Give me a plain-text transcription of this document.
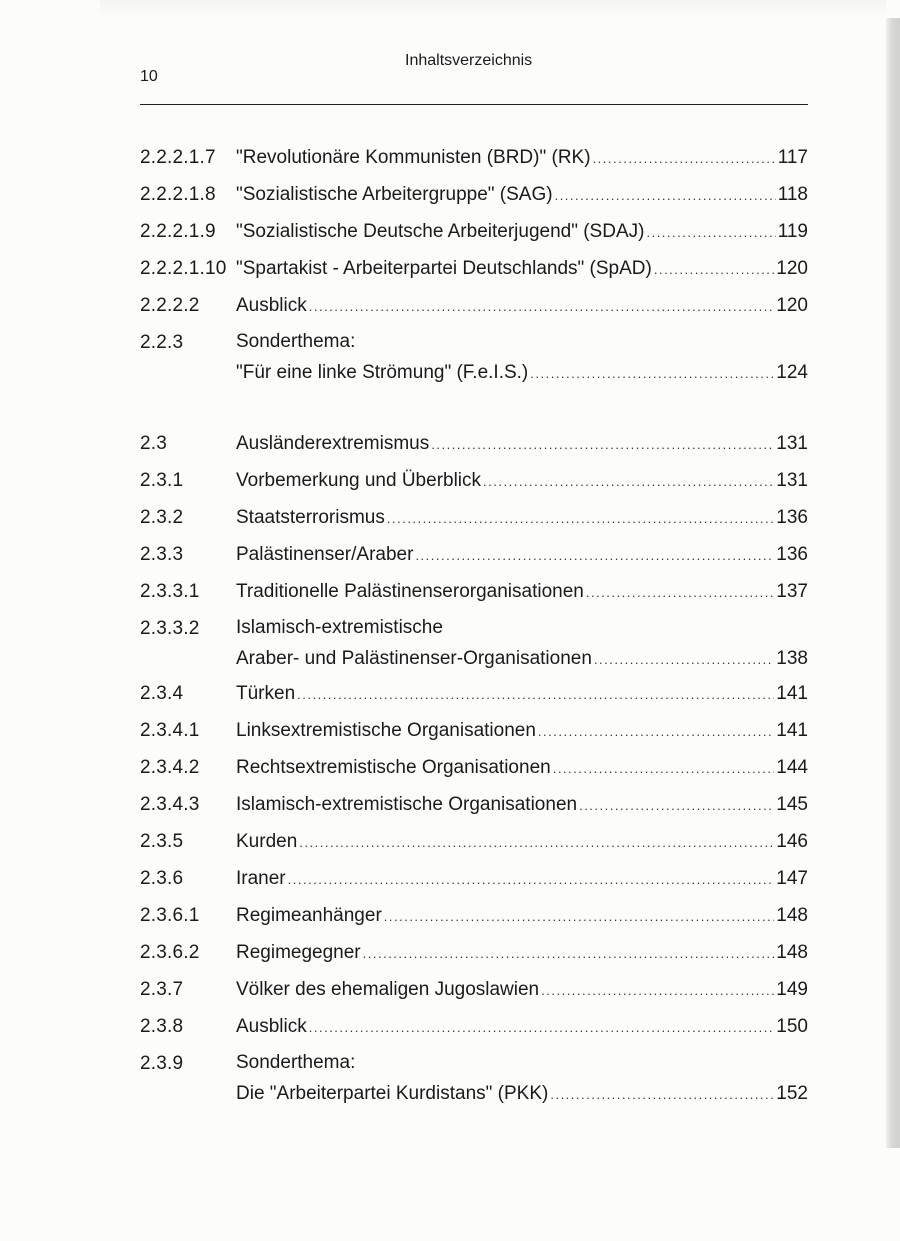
10
Inhaltsverzeichnis
2.2.2.1.7	"Revolutionäre Kommunisten (BRD)" (RK) .....	117
2.2.2.1.8	"Sozialistische Arbeitergruppe" (SAG) .....	118
2.2.2.1.9	"Sozialistische Deutsche Arbeiterjugend" (SDAJ) .....	119
2.2.2.1.10 "Spartakist - Arbeiterpartei Deutschlands" (SpAD) .....	120
2.2.2.2	Ausblick .....	120
2.2.3	Sonderthema:
"Für eine linke Strömung" (F.e.I.S.) .....	124
2.3	Ausländerextremismus .....	131
2.3.1	Vorbemerkung und Überblick .....	131
2.3.2	Staatsterrorismus .....	136
2.3.3	Palästinenser/Araber .....	136
2.3.3.1	Traditionelle Palästinenserorganisationen .....	137
2.3.3.2	Islamisch-extremistische
Araber- und Palästinenser-Organisationen .....	138
2.3.4	Türken .....	141
2.3.4.1	Linksextremistische Organisationen .....	141
2.3.4.2	Rechtsextremistische Organisationen .....	144
2.3.4.3	Islamisch-extremistische Organisationen .....	145
2.3.5	Kurden .....	146
2.3.6	Iraner .....	147
2.3.6.1	Regimeanhänger .....	148
2.3.6.2	Regimegegner .....	148
2.3.7	Völker des ehemaligen Jugoslawien .....	149
2.3.8	Ausblick .....	150
2.3.9	Sonderthema:
Die "Arbeiterpartei Kurdistans" (PKK) .....	152
